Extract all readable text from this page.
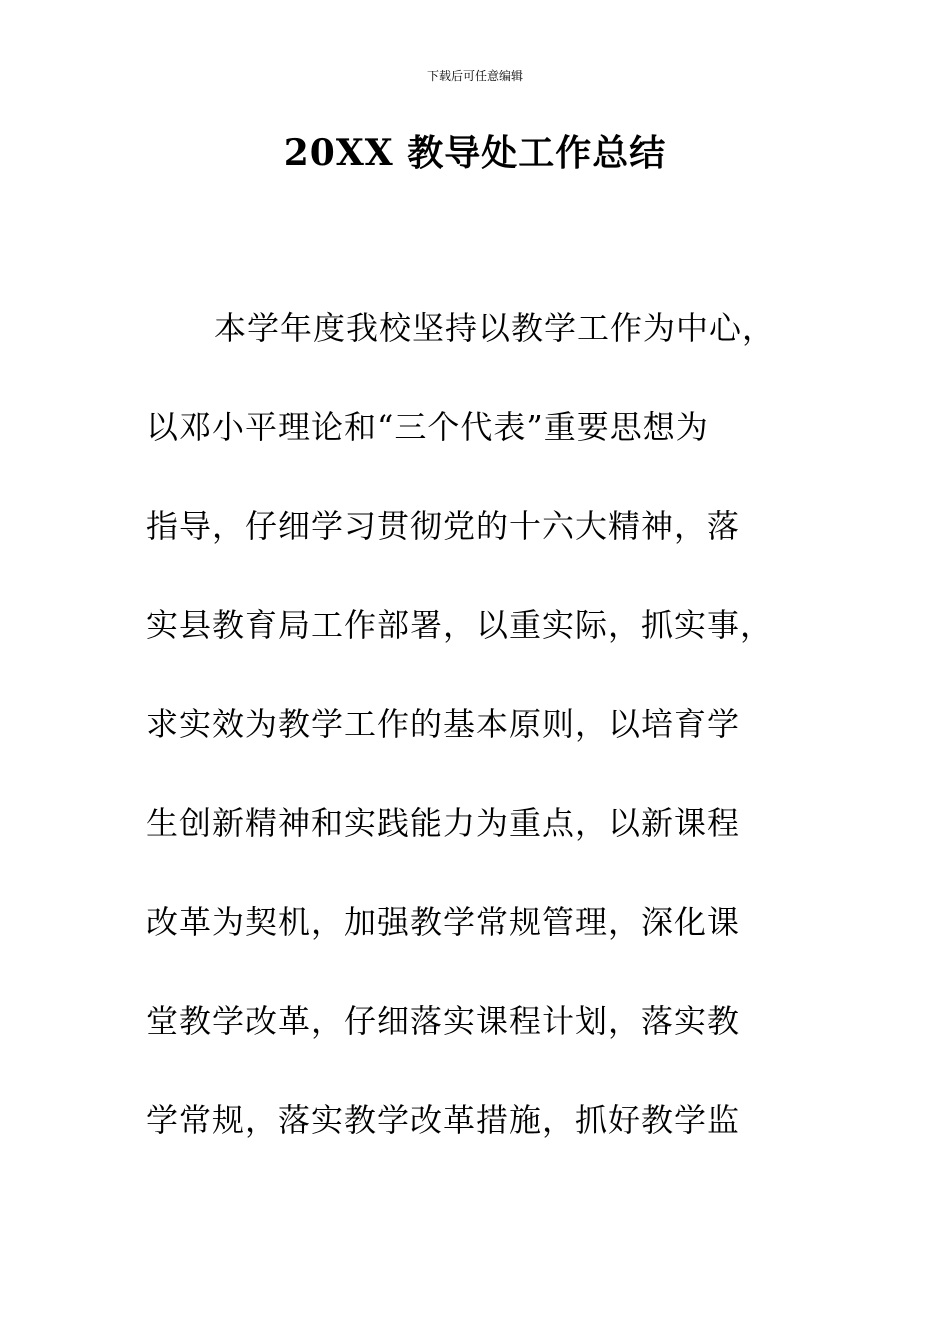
下载后可任意编辑
20XX 教导处工作总结
本学年度我校坚持以教学工作为中心，
以邓小平理论和“三个代表”重要思想为
指导，仔细学习贯彻党的十六大精神，落
实县教育局工作部署，以重实际，抓实事，
求实效为教学工作的基本原则，以培育学
生创新精神和实践能力为重点，以新课程
改革为契机，加强教学常规管理，深化课
堂教学改革，仔细落实课程计划，落实教
学常规，落实教学改革措施，抓好教学监
